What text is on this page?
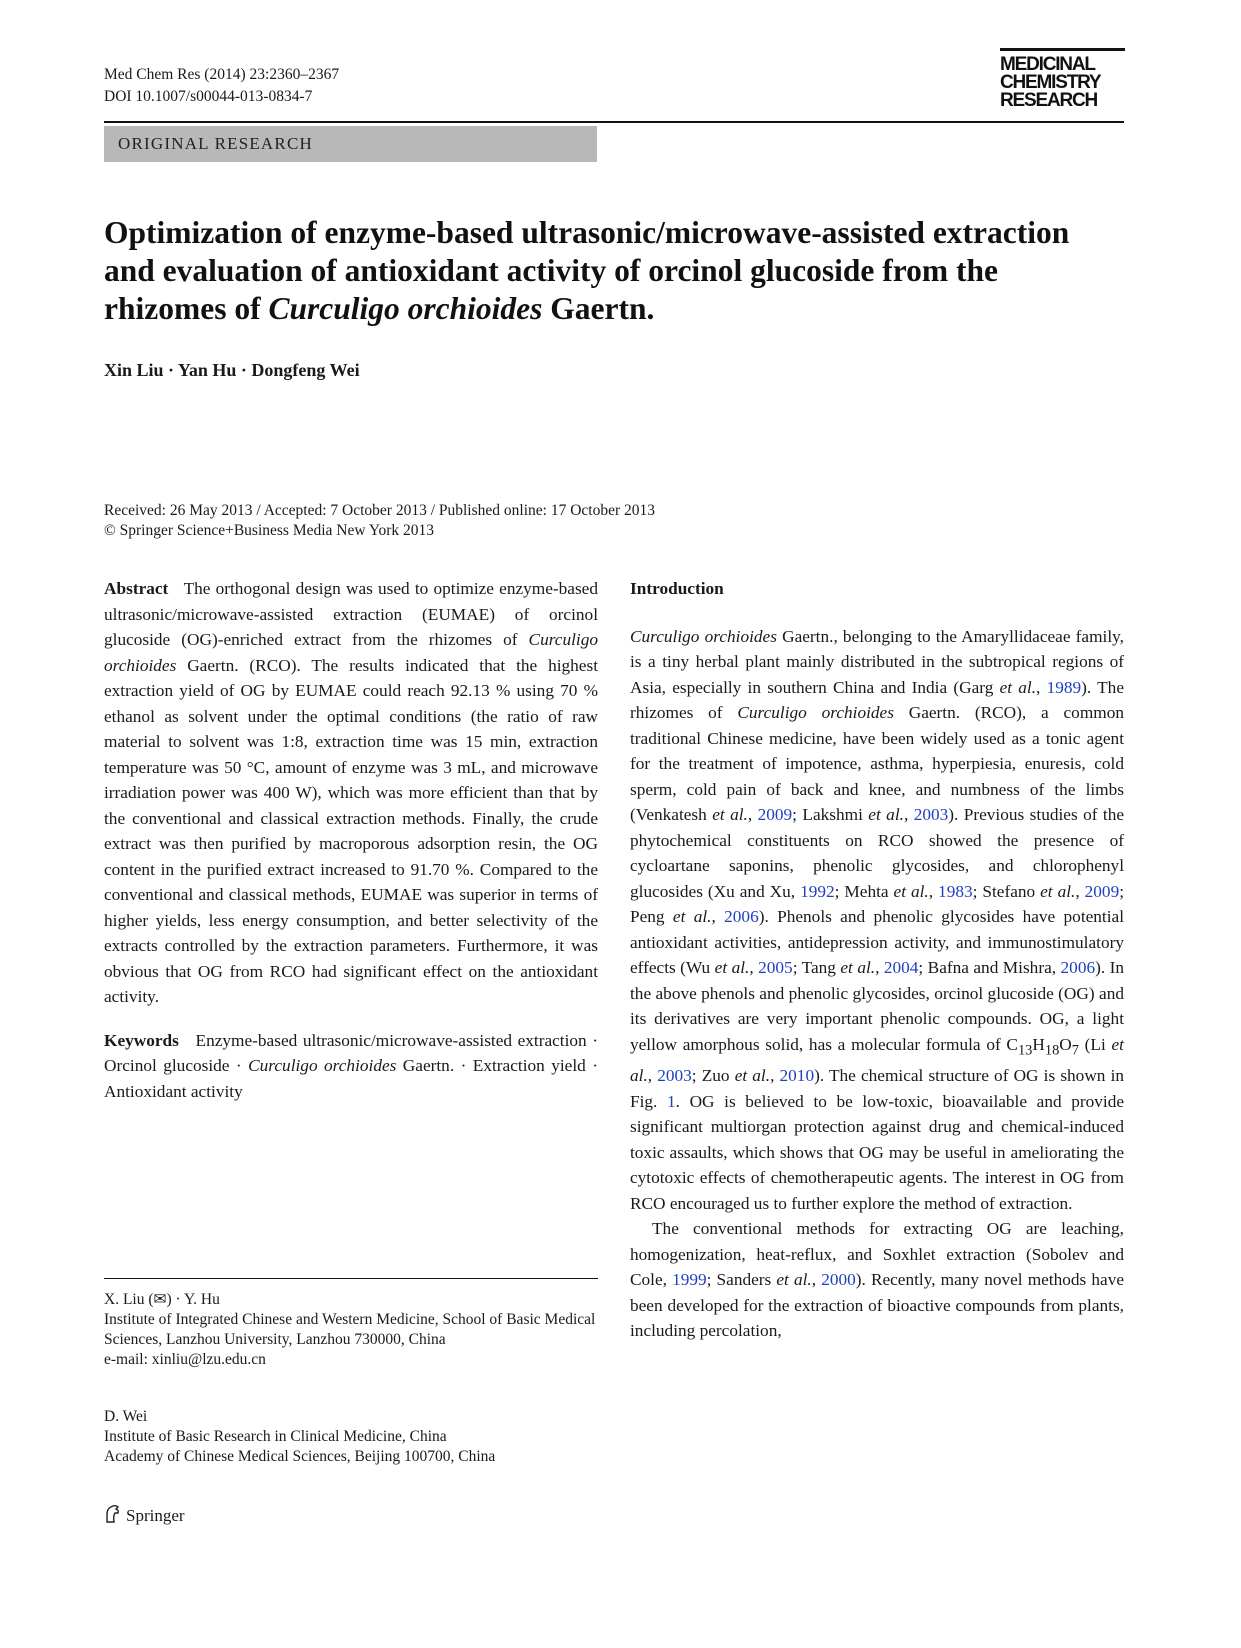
Med Chem Res (2014) 23:2360–2367
DOI 10.1007/s00044-013-0834-7
MEDICINAL
CHEMISTRY
RESEARCH
ORIGINAL RESEARCH
Optimization of enzyme-based ultrasonic/microwave-assisted extraction and evaluation of antioxidant activity of orcinol glucoside from the rhizomes of Curculigo orchioides Gaertn.
Xin Liu · Yan Hu · Dongfeng Wei
Received: 26 May 2013 / Accepted: 7 October 2013 / Published online: 17 October 2013
© Springer Science+Business Media New York 2013

Abstract The orthogonal design was used to optimize enzyme-based ultrasonic/microwave-assisted extraction (EUMAE) of orcinol glucoside (OG)-enriched extract from the rhizomes of Curculigo orchioides Gaertn. (RCO). The results indicated that the highest extraction yield of OG by EUMAE could reach 92.13 % using 70 % ethanol as solvent under the optimal conditions (the ratio of raw material to solvent was 1:8, extraction time was 15 min, extraction temperature was 50 °C, amount of enzyme was 3 mL, and microwave irradiation power was 400 W), which was more efficient than that by the conventional and classical extraction methods. Finally, the crude extract was then purified by macroporous adsorption resin, the OG content in the purified extract increased to 91.70 %. Compared to the conventional and classical methods, EUMAE was superior in terms of higher yields, less energy consumption, and better selectivity of the extracts controlled by the extraction parameters. Furthermore, it was obvious that OG from RCO had significant effect on the antioxidant activity.

Keywords Enzyme-based ultrasonic/microwave-assisted extraction · Orcinol glucoside · Curculigo orchioides Gaertn. · Extraction yield · Antioxidant activity

X. Liu (✉) · Y. Hu
Institute of Integrated Chinese and Western Medicine, School of Basic Medical Sciences, Lanzhou University, Lanzhou 730000, China
e-mail: xinliu@lzu.edu.cn
D. Wei
Institute of Basic Research in Clinical Medicine, China
Academy of Chinese Medical Sciences, Beijing 100700, China
Springer

Introduction

Curculigo orchioides Gaertn., belonging to the Amaryllidaceae family, is a tiny herbal plant mainly distributed in the subtropical regions of Asia, especially in southern China and India (Garg et al., 1989). The rhizomes of Curculigo orchioides Gaertn. (RCO), a common traditional Chinese medicine, have been widely used as a tonic agent for the treatment of impotence, asthma, hyperpiesia, enuresis, cold sperm, cold pain of back and knee, and numbness of the limbs (Venkatesh et al., 2009; Lakshmi et al., 2003). Previous studies of the phytochemical constituents on RCO showed the presence of cycloartane saponins, phenolic glycosides, and chlorophenyl glucosides (Xu and Xu, 1992; Mehta et al., 1983; Stefano et al., 2009; Peng et al., 2006). Phenols and phenolic glycosides have potential antioxidant activities, antidepression activity, and immunostimulatory effects (Wu et al., 2005; Tang et al., 2004; Bafna and Mishra, 2006). In the above phenols and phenolic glycosides, orcinol glucoside (OG) and its derivatives are very important phenolic compounds. OG, a light yellow amorphous solid, has a molecular formula of $C_{13}H_{18}O_7$ (Li et al., 2003; Zuo et al., 2010). The chemical structure of OG is shown in Fig. 1. OG is believed to be low-toxic, bioavailable and provide significant multiorgan protection against drug and chemical-induced toxic assaults, which shows that OG may be useful in ameliorating the cytotoxic effects of chemotherapeutic agents. The interest in OG from RCO encouraged us to further explore the method of extraction.

The conventional methods for extracting OG are leaching, homogenization, heat-reflux, and Soxhlet extraction (Sobolev and Cole, 1999; Sanders et al., 2000). Recently, many novel methods have been developed for the extraction of bioactive compounds from plants, including percolation,
